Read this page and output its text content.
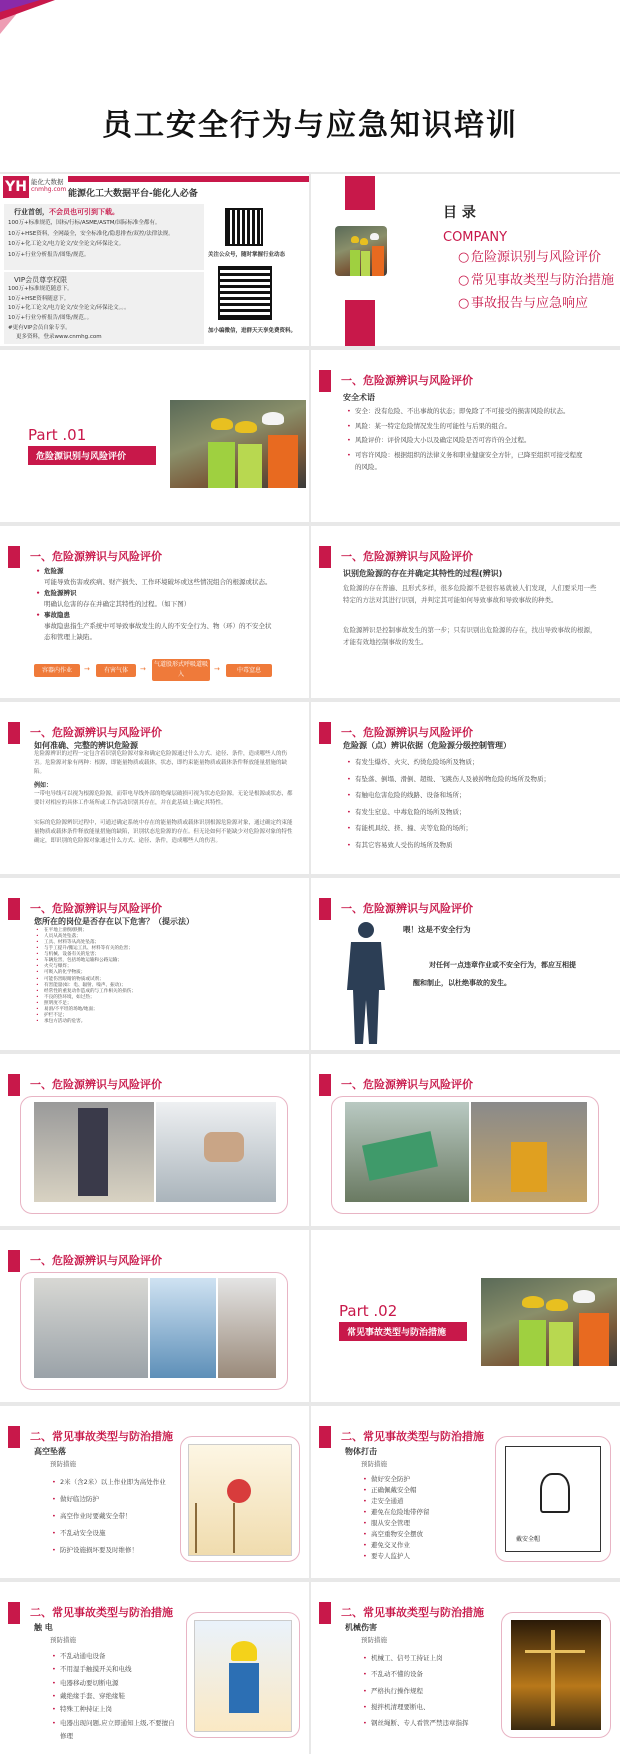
员工安全行为与应急知识培训
YH 能化大数据
cnmhg.com 能源化工大数据平台-能化人必备
行业首创，不会员也可引到下载。
100万+标准规范，国标/行标/ASME/ASTM/国际标准全都有。
10万+HSE资料，全网最全，安全标准化/隐患排查/双控/法律法规。
10万+化工论文/电力论文/安全论文/环保论文。
10万+行业分析报告/图集/规范。
VIP会员尊享权限
100万+标准规范随意下。
10万+HSE资料随意下。
10万+化工论文/电力论文/安全论文/环保论文。。。
10万+行业分析报告/图集/规范。。
#更有VIP会员自象专享。
更多资料，登录www.cnmhg.com
关注公众号，随时掌握行业动态
加小编微信，进群天天享免费资料。
目 录
COMPANY
○ 危险源识别与风险评价
○ 常见事故类型与防治措施
○ 事故报告与应急响应
Part .01
危险源识别与风险评价
一、危险源辨识与风险评价
安全术语
• 安全：没有危险、不出事故的状态；即免除了不可接受的损害风险的状态。
• 风险：某一特定危险情况发生的可能性与后果的组合。
• 风险评价：评价风险大小以及确定风险是否可容许的全过程。
• 可容许风险：根据组织的法律义务和职业健康安全方针，已降至组织可接受程度的风险。
一、危险源辨识与风险评价
• 危险源
可能导致伤害或疾病、财产损失、工作环境破坏或这些情况组合的根源或状态。
• 危险源辨识
明确认危害的存在并确定其特性的过程。（如下图）
• 事故隐患
事故隐患指生产系统中可导致事故发生的人的不安全行为、物（环）的不安全状态和管理上缺陷。
容器内作业	→	有害气体	→
气道股形式呼吸道吸入
→	中毒窒息
一、危险源辨识与风险评价
识别危险源的存在并确定其特性的过程(辨识)
危险源的存在普遍、且形式多样，很多危险源不是很容易就被人们发现，人们要采用一些特定的方法对其进行识别，并判定其可能如何导致事故和导致事故的种类。
危险源辨识是控制事故发生的第一步；只有识别出危险源的存在，找出导致事故的根源，才能有效地控制事故的发生。
一、危险源辨识与风险评价
如何准确、完整的辨识危险源
危险源辨识的过程一定包含着识别危险源对象和确定危险源通过什么方式、途径、条件，造成哪些人的伤害。危险源对象有两种：根源，即能量物质或载体，状态，即约束能量物质或载体条件释放能量措施的缺陷。
例如：
一带电导线可以视为根源危险源，而带电导线外部的绝缘层破损可视为状态危险源。无论是根源或状态，都要针对相应的具体工作场所或工作活动识别其存在，并在此基础上确定其特性。
实际的危险源辨识过程中，可通过确定系统中存在的能量物质或载体识别根源危险源对象，通过确定约束能量物质或载体条件释放能量措施的缺陷，识别状态危险源的存在。但无论如何不能缺少对危险源对象的特性确定，即识别的危险源对象通过什么方式、途径、条件，造成哪些人的伤害。
一、危险源辨识与风险评价
危险源（点）辨识依据（危险源分级控制管理）
• 有发生爆炸、火灾、灼烫危险场所及物质；
• 有坠落、倒塌、滑倒、超级、飞跳伤人及被掉物危险的场所及物质；
• 有触电危害危险的线路、设备和场所；
• 有发生窒息、中毒危险的场所及物质；
• 有能机具绞、挤、撞、夹等危险的场所；
• 有其它容易致人受伤的场所及物质
一、危险源辨识与风险评价
您所在的岗位是否存在以下危害？（提示法）
• 在平地上滑倒/跌倒；
• 人员从高处坠落；
• 工具、材料等从高处坠落；
• 与手工提升/搬运工具、材料等有关的危害；
• 与机械、设备有关的危害；
• 车辆危害，包括场地运输和公路运输；
• 火灾与爆炸；
• 可吸入的化学物质；
• 可能伤害眼睛的物质或试剂；
• 有害能量(如：电、辐射、噪声、振动)；
• 经常性的重复动作造成的与工作相关的损伤；
• 不良的热环境，如过热；
• 照明度不足；
• 易滑/不平坦的场地/地面；
• 护栏不足；
• 承包方活动的危害。
一、危险源辨识与风险评价
喂！这是不安全行为
对任何一点违章作业或不安全行为，都应互相提
醒和制止，以杜绝事故的发生。
一、危险源辨识与风险评价	一、危险源辨识与风险评价
一、危险源辨识与风险评价
Part .02
常见事故类型与防治措施
二、常见事故类型与防治措施
高空坠落
预防措施
• 2米（含2米）以上作业即为高处作业
• 做好临边防护
• 高空作业时要戴安全带！
• 不乱动安全设施
• 防护设施损坏要及时维修！
二、常见事故类型与防治措施
物体打击
预防措施
• 做好安全防护
• 正确佩戴安全帽
• 走安全通道
• 避免在危险地带停留
• 服从安全管理
• 高空重物安全摆放
• 避免交叉作业
• 要专人监护人
戴安全帽
二、常见事故类型与防治措施
触 电
预防措施
• 不乱动通电设备
• 不用湿手触摸开关和电线
• 电器移动要切断电源
• 戴绝缘手套、穿绝缘鞋
• 特殊工种持证上岗
• 电器出现问题,应立即通知上级,不要擅自修理
二、常见事故类型与防治措施
机械伤害
预防措施
• 机械工、信号工持证上岗
• 不乱动不懂的设备
• 严格执行操作规程
• 搅拌机清理要断电、
• 钢丝绳断、专人看管严禁违章指挥
